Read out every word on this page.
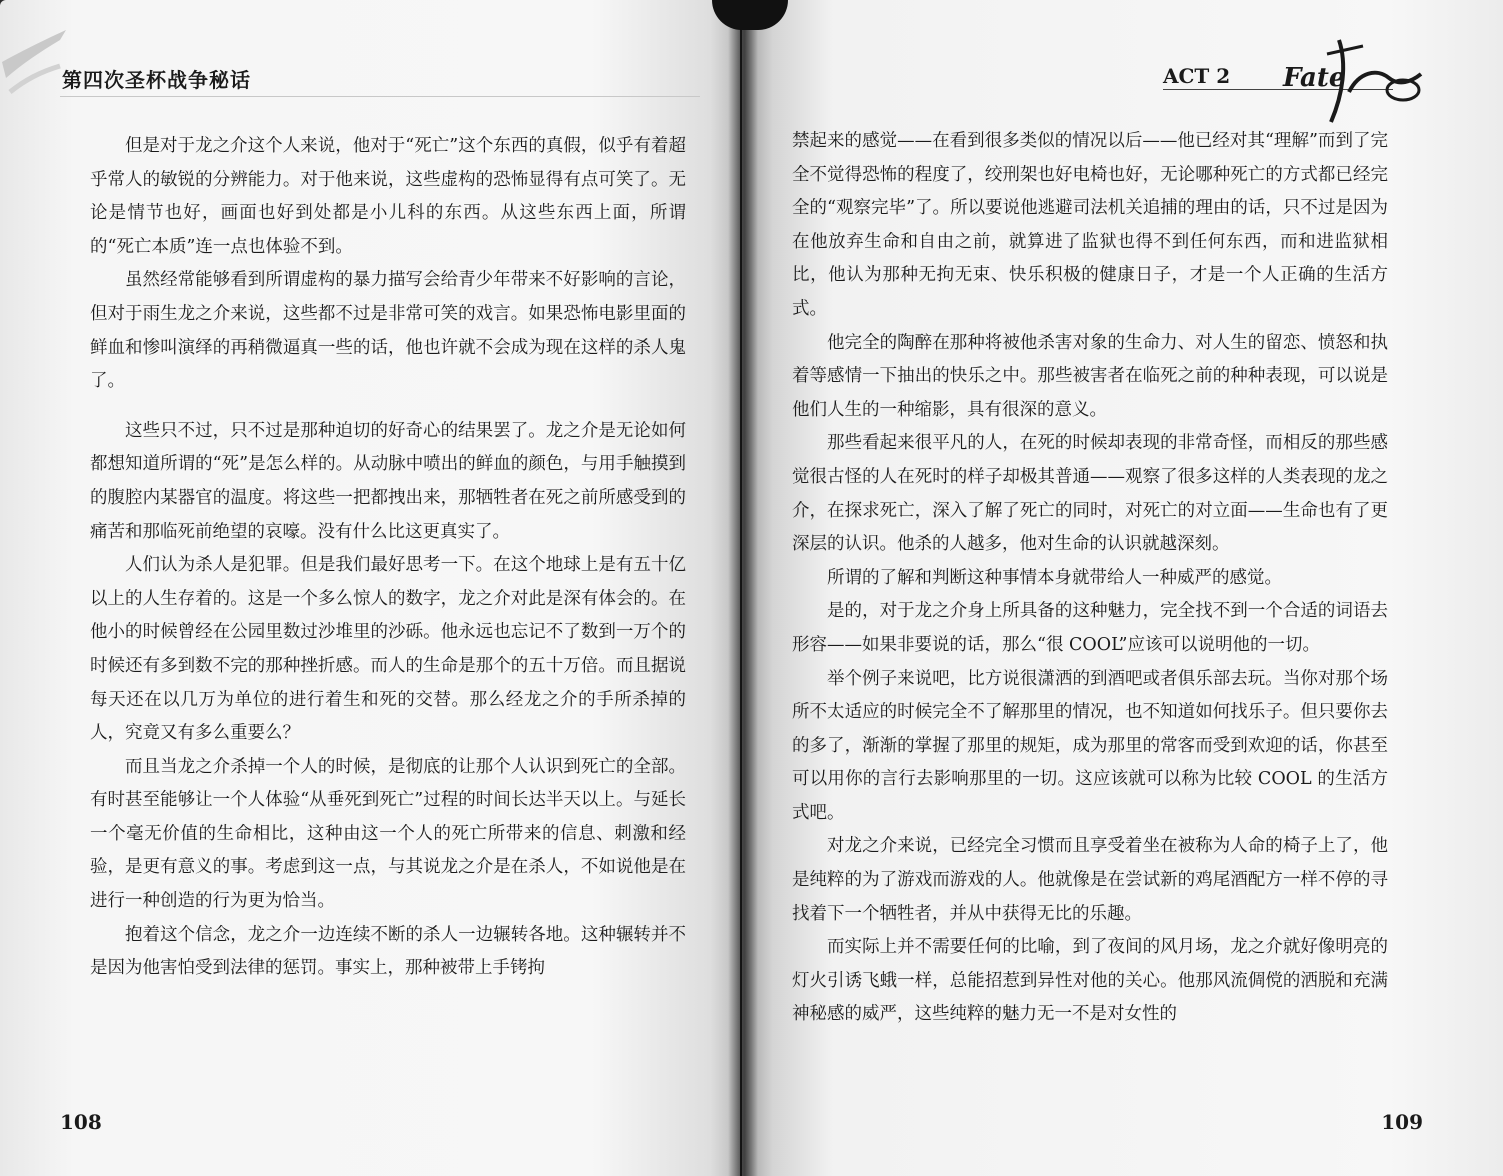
第四次圣杯战争秘话

但是对于龙之介这个人来说，他对于“死亡”这个东西的真假，似乎有着超乎常人的敏锐的分辨能力。对于他来说，这些虚构的恐怖显得有点可笑了。无论是情节也好，画面也好到处都是小儿科的东西。从这些东西上面，所谓的“死亡本质”连一点也体验不到。

虽然经常能够看到所谓虚构的暴力描写会给青少年带来不好影响的言论，但对于雨生龙之介来说，这些都不过是非常可笑的戏言。如果恐怖电影里面的鲜血和惨叫演绎的再稍微逼真一些的话，他也许就不会成为现在这样的杀人鬼了。

这些只不过，只不过是那种迫切的好奇心的结果罢了。龙之介是无论如何都想知道所谓的“死”是怎么样的。从动脉中喷出的鲜血的颜色，与用手触摸到的腹腔内某器官的温度。将这些一把都拽出来，那牺牲者在死之前所感受到的痛苦和那临死前绝望的哀嚎。没有什么比这更真实了。

人们认为杀人是犯罪。但是我们最好思考一下。在这个地球上是有五十亿以上的人生存着的。这是一个多么惊人的数字，龙之介对此是深有体会的。在他小的时候曾经在公园里数过沙堆里的沙砾。他永远也忘记不了数到一万个的时候还有多到数不完的那种挫折感。而人的生命是那个的五十万倍。而且据说每天还在以几万为单位的进行着生和死的交替。那么经龙之介的手所杀掉的人，究竟又有多么重要么？

而且当龙之介杀掉一个人的时候，是彻底的让那个人认识到死亡的全部。有时甚至能够让一个人体验“从垂死到死亡”过程的时间长达半天以上。与延长一个毫无价值的生命相比，这种由这一个人的死亡所带来的信息、刺激和经验，是更有意义的事。考虑到这一点，与其说龙之介是在杀人，不如说他是在进行一种创造的行为更为恰当。

抱着这个信念，龙之介一边连续不断的杀人一边辗转各地。这种辗转并不是因为他害怕受到法律的惩罚。事实上，那种被带上手铐拘

108
ACT 2 Fate

禁起来的感觉——在看到很多类似的情况以后——他已经对其“理解”而到了完全不觉得恐怖的程度了，绞刑架也好电椅也好，无论哪种死亡的方式都已经完全的“观察完毕”了。所以要说他逃避司法机关追捕的理由的话，只不过是因为在他放弃生命和自由之前，就算进了监狱也得不到任何东西，而和进监狱相比，他认为那种无拘无束、快乐积极的健康日子，才是一个人正确的生活方式。

他完全的陶醉在那种将被他杀害对象的生命力、对人生的留恋、愤怒和执着等感情一下抽出的快乐之中。那些被害者在临死之前的种种表现，可以说是他们人生的一种缩影，具有很深的意义。

那些看起来很平凡的人，在死的时候却表现的非常奇怪，而相反的那些感觉很古怪的人在死时的样子却极其普通——观察了很多这样的人类表现的龙之介，在探求死亡，深入了解了死亡的同时，对死亡的对立面——生命也有了更深层的认识。他杀的人越多，他对生命的认识就越深刻。

所谓的了解和判断这种事情本身就带给人一种威严的感觉。

是的，对于龙之介身上所具备的这种魅力，完全找不到一个合适的词语去形容——如果非要说的话，那么“很 COOL”应该可以说明他的一切。

举个例子来说吧，比方说很潇洒的到酒吧或者俱乐部去玩。当你对那个场所不太适应的时候完全不了解那里的情况，也不知道如何找乐子。但只要你去的多了，渐渐的掌握了那里的规矩，成为那里的常客而受到欢迎的话，你甚至可以用你的言行去影响那里的一切。这应该就可以称为比较 COOL 的生活方式吧。

对龙之介来说，已经完全习惯而且享受着坐在被称为人命的椅子上了，他是纯粹的为了游戏而游戏的人。他就像是在尝试新的鸡尾酒配方一样不停的寻找着下一个牺牲者，并从中获得无比的乐趣。

而实际上并不需要任何的比喻，到了夜间的风月场，龙之介就好像明亮的灯火引诱飞蛾一样，总能招惹到异性对他的关心。他那风流倜傥的洒脱和充满神秘感的威严，这些纯粹的魅力无一不是对女性的

109
